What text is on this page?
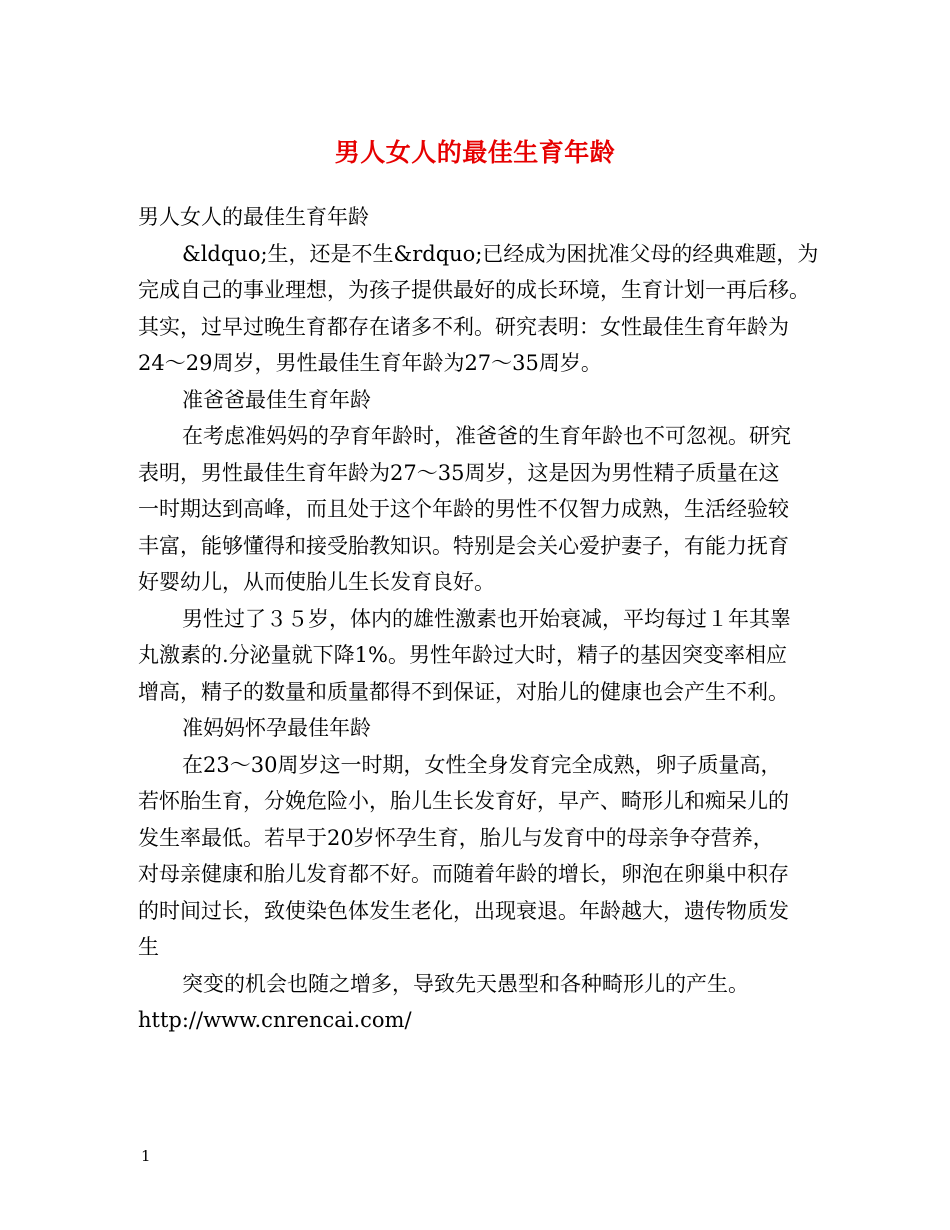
男人女人的最佳生育年龄
男人女人的最佳生育年龄
&ldquo;生，还是不生&rdquo;已经成为困扰准父母的经典难题，为
完成自己的事业理想，为孩子提供最好的成长环境，生育计划一再后移。
其实，过早过晚生育都存在诸多不利。研究表明：女性最佳生育年龄为
24～29周岁，男性最佳生育年龄为27～35周岁。
准爸爸最佳生育年龄
在考虑准妈妈的孕育年龄时，准爸爸的生育年龄也不可忽视。研究
表明，男性最佳生育年龄为27～35周岁，这是因为男性精子质量在这
一时期达到高峰，而且处于这个年龄的男性不仅智力成熟，生活经验较
丰富，能够懂得和接受胎教知识。特别是会关心爱护妻子，有能力抚育
好婴幼儿，从而使胎儿生长发育良好。
男性过了３５岁，体内的雄性激素也开始衰减，平均每过１年其睾
丸激素的.分泌量就下降1%。男性年龄过大时，精子的基因突变率相应
增高，精子的数量和质量都得不到保证，对胎儿的健康也会产生不利。
准妈妈怀孕最佳年龄
在23～30周岁这一时期，女性全身发育完全成熟，卵子质量高，
若怀胎生育，分娩危险小，胎儿生长发育好，早产、畸形儿和痴呆儿的
发生率最低。若早于20岁怀孕生育，胎儿与发育中的母亲争夺营养，
对母亲健康和胎儿发育都不好。而随着年龄的增长，卵泡在卵巢中积存
的时间过长，致使染色体发生老化，出现衰退。年龄越大，遗传物质发
生
突变的机会也随之增多，导致先天愚型和各种畸形儿的产生。
http://www.cnrencai.com/
1
